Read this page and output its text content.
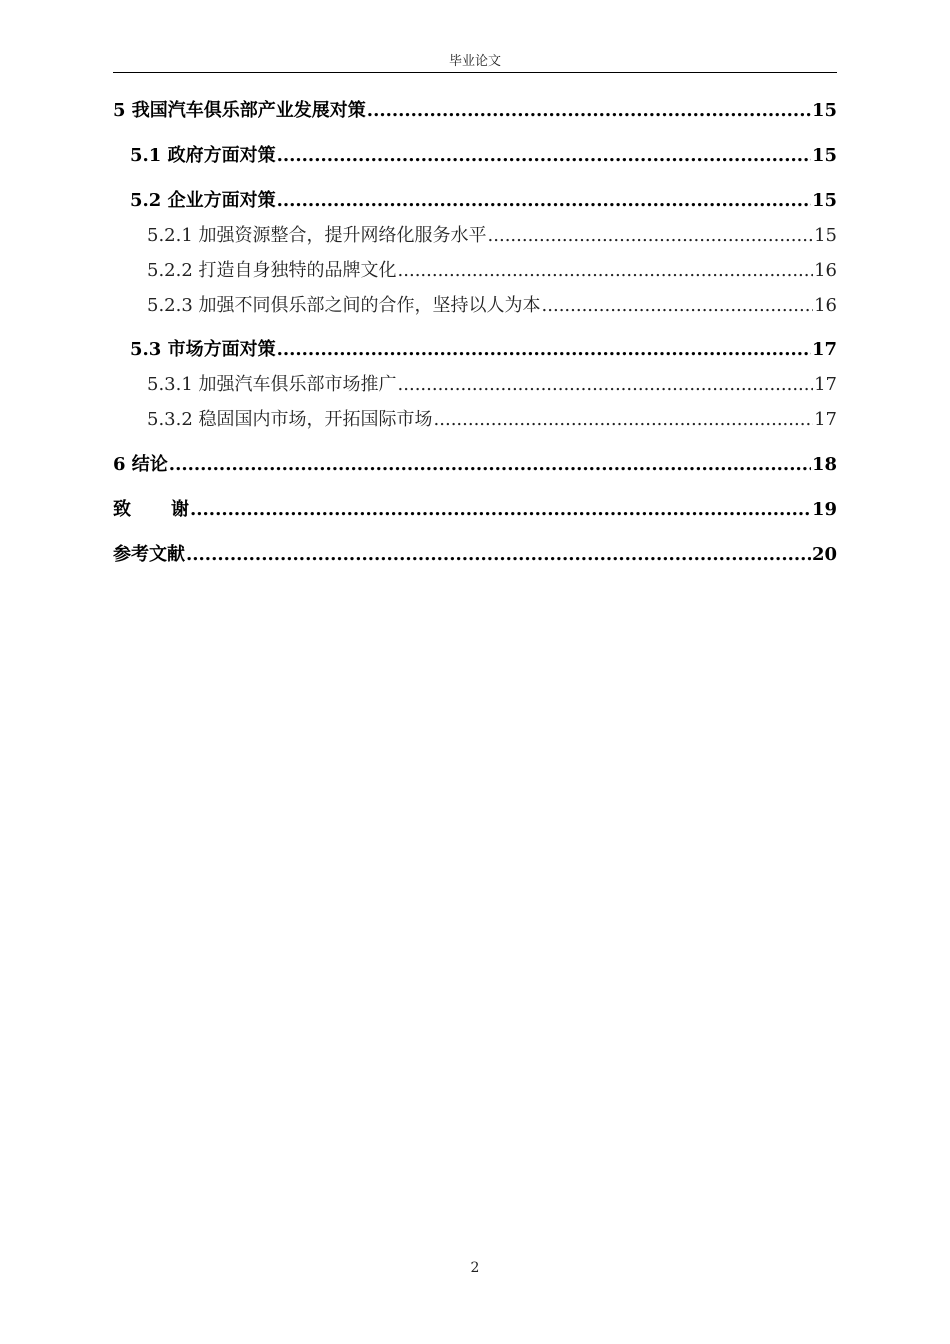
毕业论文
5 我国汽车俱乐部产业发展对策 .....	15
5.1 政府方面对策 .....	15
5.2 企业方面对策 .....	15
5.2.1 加强资源整合，提升网络化服务水平 .....	15
5.2.2 打造自身独特的品牌文化 .....	16
5.2.3 加强不同俱乐部之间的合作，坚持以人为本 .....	16
5.3 市场方面对策 .....	17
5.3.1 加强汽车俱乐部市场推广 .....	17
5.3.2 稳固国内市场，开拓国际市场 .....	17
6 结论 .....	18
致 谢 .....	19
参考文献 .....	20
2
